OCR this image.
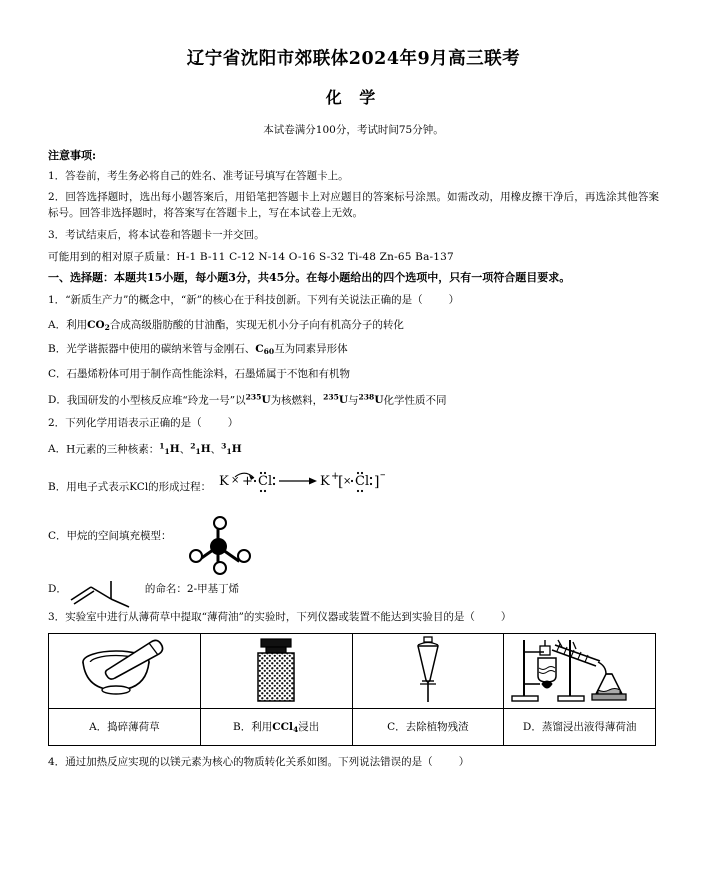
辽宁省沈阳市郊联体2024年9月高三联考
化 学
本试卷满分100分，考试时间75分钟。
注意事项:
1．答卷前，考生务必将自己的姓名、准考证号填写在答题卡上。
2．回答选择题时，选出每小题答案后，用铅笔把答题卡上对应题目的答案标号涂黑。如需改动，用橡皮擦干净后，再选涂其他答案标号。回答非选择题时，将答案写在答题卡上，写在本试卷上无效。
3．考试结束后，将本试卷和答题卡一并交回。
可能用到的相对原子质量：H-1 B-11 C-12 N-14 O-16 S-32 Ti-48 Zn-65 Ba-137
一、选择题：本题共15小题，每小题3分，共45分。在每小题给出的四个选项中，只有一项符合题目要求。
1．“新质生产力”的概念中，“新”的核心在于科技创新。下列有关说法正确的是（ ）
A．利用$CO_2$合成高级脂肪酸的甘油酯，实现无机小分子向有机高分子的转化
B．光学谐振器中使用的碳纳米管与金刚石、$C_{60}$互为同素异形体
C．石墨烯粉体可用于制作高性能涂料，石墨烯属于不饱和有机物
D．我国研发的小型核反应堆“玲龙一号”以$^{235}$U为核燃料，$^{235}$U与$^{238}$U化学性质不同
2．下列化学用语表示正确的是（ ）
A．H元素的三种核素：$^1_1$H、$^2_1$H、$^3_1$H
B．用电子式表示KCl的形成过程： K × + Cl	K +
[ × Cl ] –
C．甲烷的空间填充模型：
D．	的命名：2-甲基丁烯
3．实验室中进行从薄荷草中提取“薄荷油”的实验时，下列仪器或装置不能达到实验目的是（ ）

A．捣碎薄荷草	B．利用CCl$_4$浸出	C．去除植物残渣	D．蒸馏浸出液得薄荷油
4．通过加热反应实现的以镁元素为核心的物质转化关系如图。下列说法错误的是（ ）
